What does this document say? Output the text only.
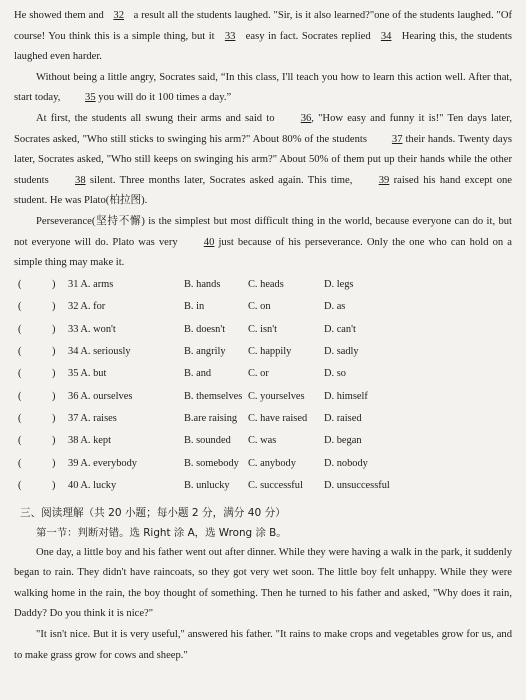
He showed them and 32 a result all the students laughed. "Sir, is it also learned?"one of the students laughed. "Of course! You think this is a simple thing, but it 33 easy in fact. Socrates replied 34 Hearing this, the students laughed even harder.

Without being a little angry, Socrates said, “In this class, I'll teach you how to learn this action well. After that, start today, 35 you will do it 100 times a day.”

At first, the students all swung their arms and said to 36, "How easy and funny it is!" Ten days later, Socrates asked, "Who still sticks to swinging his arm?" About 80% of the students 37 their hands. Twenty days later, Socrates asked, "Who still keeps on swinging his arm?" About 50% of them put up their hands while the other students 38 silent. Three months later, Socrates asked again. This time, 39 raised his hand except one student. He was Plato(柏拉图).

Perseverance(坚持不懈) is the simplest but most difficult thing in the world, because everyone can do it, but not everyone will do. Plato was very 40 just because of his perseverance. Only the one who can hold on a simple thing may make it.

(	) 31 A. arms	B. hands	C. heads	D. legs
(	) 32 A. for	B. in	C. on	D. as
(	) 33 A. won't	B. doesn't C. isn't	D. can't
(	) 34 A. seriously	B. angrily C. happily	D. sadly
(	) 35 A. but	B. and	C. or	D. so
(	) 36 A. ourselves	B. themselves C. yourselves D. himself
(	) 37 A. raises	B.are raising C. have raised D. raised
(	) 38 A. kept	B. sounded C. was	D. began
(	) 39 A. everybody	B. somebody C. anybody	D. nobody
(	) 40 A. lucky	B. unlucky C. successful D. unsuccessful
三、阅读理解（共 20 小题；每小题 2 分，满分 40 分）
第一节：判断对错。选 Right 涂 A，选 Wrong 涂 B。

One day, a little boy and his father went out after dinner. While they were having a walk in the park, it suddenly began to rain. They didn't have raincoats, so they got very wet soon. The little boy felt unhappy. While they were walking home in the rain, the boy thought of something. Then he turned to his father and asked, "Why does it rain, Daddy? Do you think it is nice?"

"It isn't nice. But it is very useful," answered his father. "It rains to make crops and vegetables grow for us, and to make grass grow for cows and sheep."
